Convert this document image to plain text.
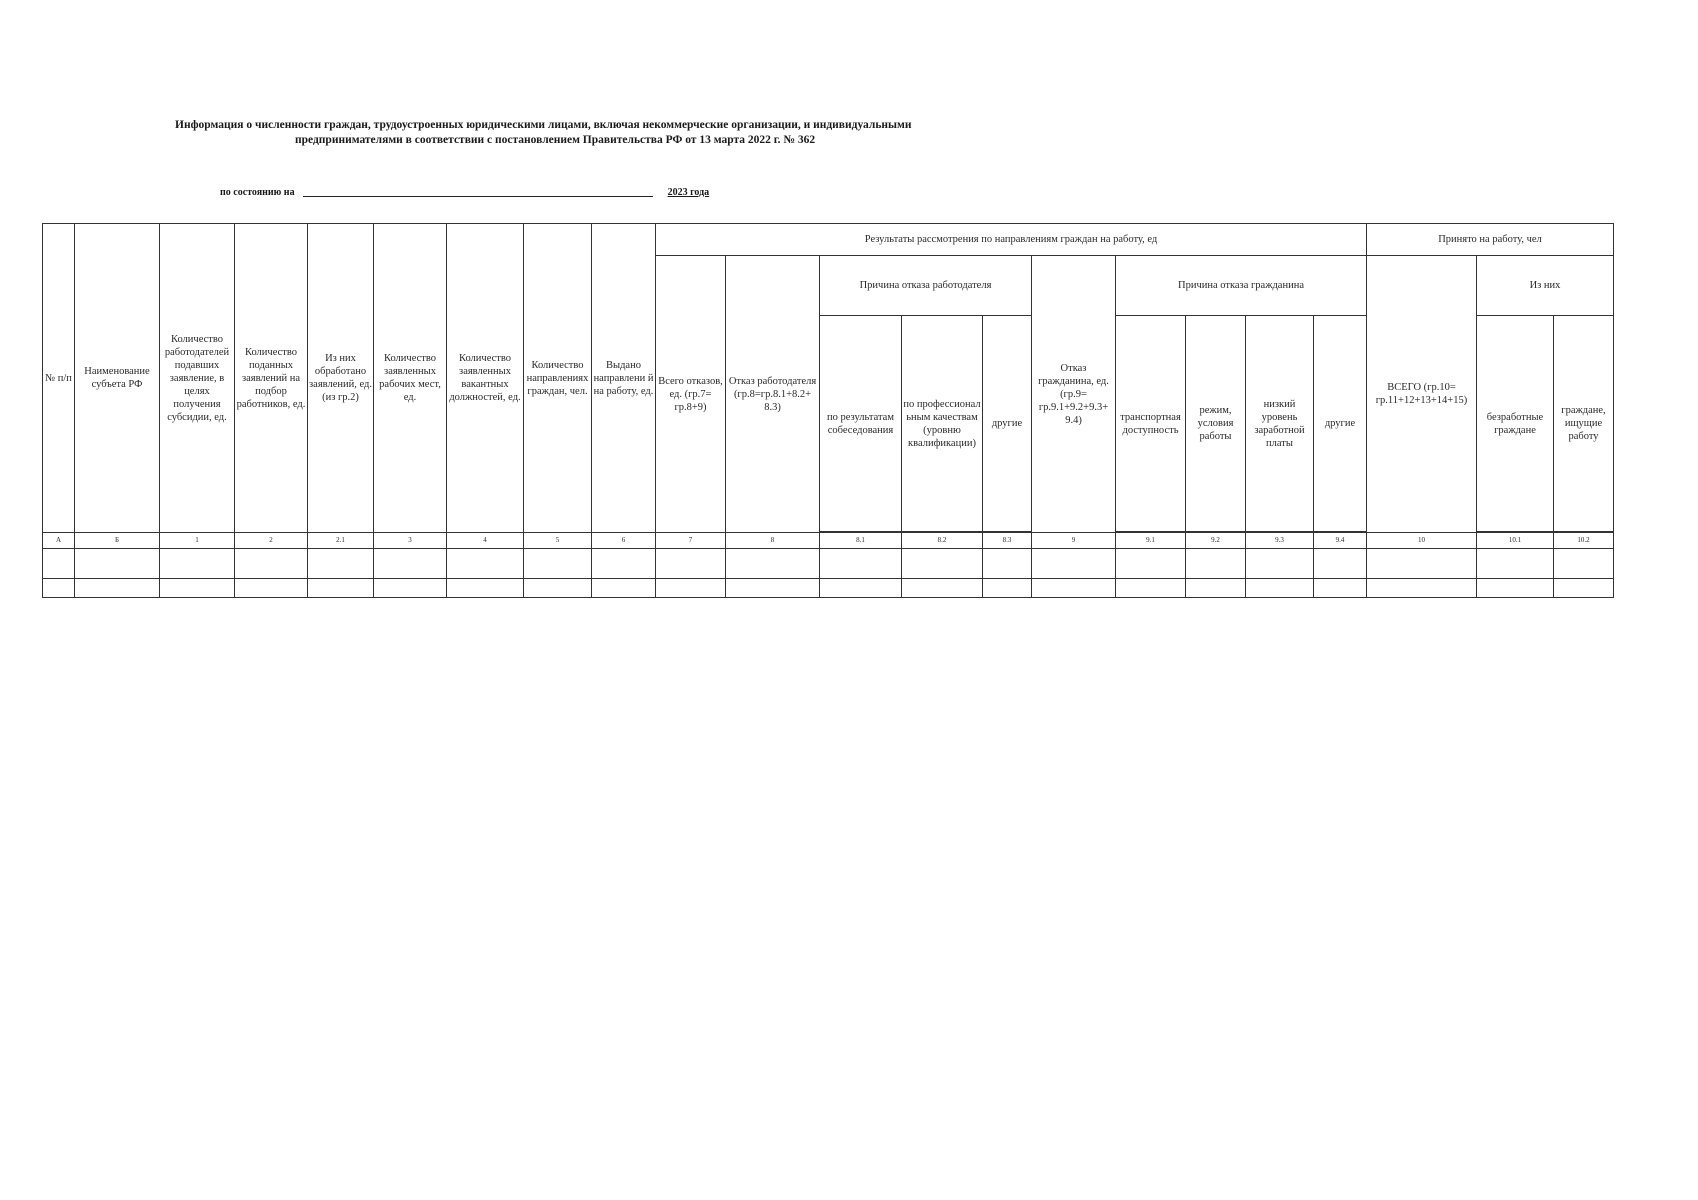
Информация о численности граждан, трудоустроенных юридическими лицами, включая некоммерческие организации, и индивидуальными
предпринимателями в соответствии с постановлением Правительства РФ от 13 марта 2022 г. № 362
по состоянию на	2023 года
№ п/п	Наименование субъета РФ	Количество работодателей подавших заявление, в целях получения субсидии, ед.	Количество поданных заявлений на подбор работников, ед.	Из них обработано заявлений, ед. (из гр.2)	Количество заявленных рабочих мест, ед.	Количество заявленных вакантных должностей, ед.	Количество направлениях граждан, чел.	Выдано направлени й на работу, ед.	Результаты рассмотрения по направлениям граждан на работу, ед										Принято на работу, чел		
									Всего отказов, ед. (гр.7= гр.8+9)	Отказ работодателя (гр.8=гр.8.1+8.2+ 8.3)	Причина отказа работодателя			Отказ гражданина, ед. (гр.9= гр.9.1+9.2+9.3+ 9.4)	Причина отказа гражданина				ВСЕГО (гр.10= гр.11+12+13+14+15)	Из них	
											по результатам собеседования	по профессионал ьным качествам (уровню квалификации)	другие		транспортная доступность	режим, условия работы	низкий уровень заработной платы	другие		безработные граждане	граждане, ищущие работу

А	Б	1	2	2.1	3	4	5	6	7	8	8.1	8.2	8.3	9	9.1	9.2	9.3	9.4	10	10.1	10.2
